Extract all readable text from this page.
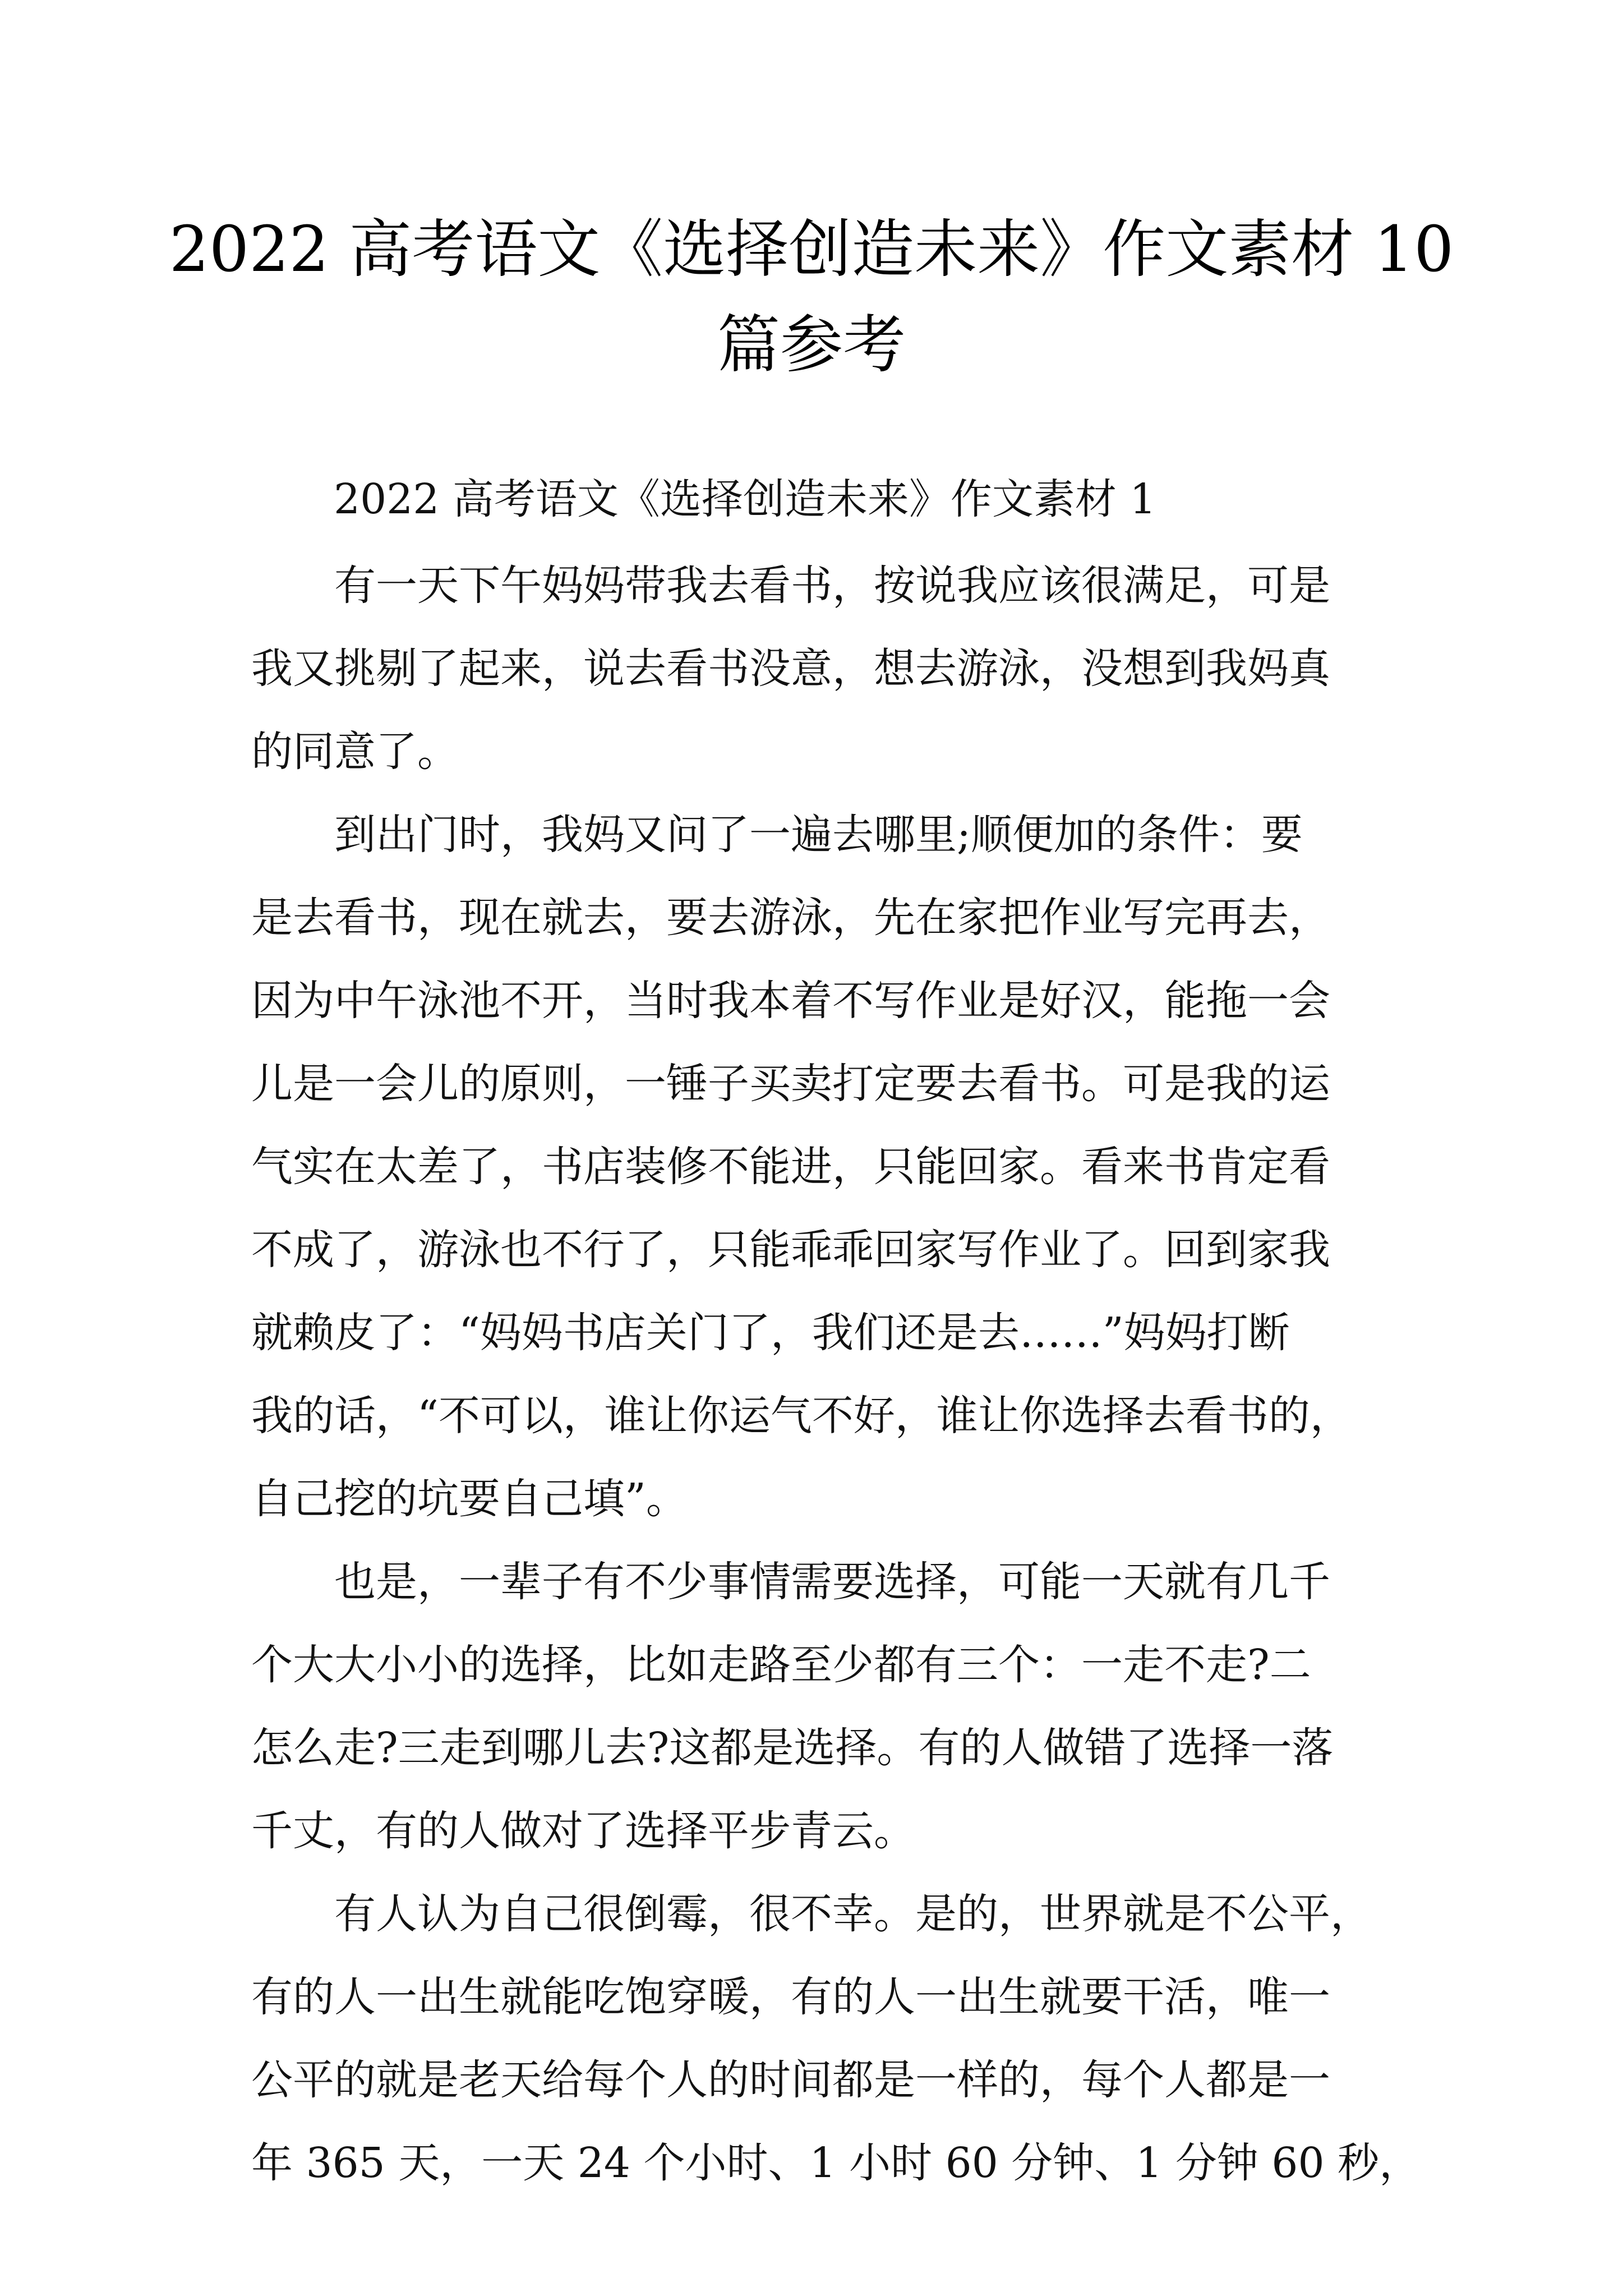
2022 高考语文《选择创造未来》作文素材 10
篇参考

2022 高考语文《选择创造未来》作文素材 1

有一天下午妈妈带我去看书，按说我应该很满足，可是
我又挑剔了起来，说去看书没意，想去游泳，没想到我妈真
的同意了。

到出门时，我妈又问了一遍去哪里;顺便加的条件：要
是去看书，现在就去，要去游泳，先在家把作业写完再去，
因为中午泳池不开，当时我本着不写作业是好汉，能拖一会
儿是一会儿的原则，一锤子买卖打定要去看书。可是我的运
气实在太差了，书店装修不能进，只能回家。看来书肯定看
不成了，游泳也不行了，只能乖乖回家写作业了。回到家我
就赖皮了：“妈妈书店关门了，我们还是去……”妈妈打断
我的话，“不可以，谁让你运气不好，谁让你选择去看书的，
自己挖的坑要自己填”。

也是，一辈子有不少事情需要选择，可能一天就有几千
个大大小小的选择，比如走路至少都有三个：一走不走?二
怎么走?三走到哪儿去?这都是选择。有的人做错了选择一落
千丈，有的人做对了选择平步青云。

有人认为自己很倒霉，很不幸。是的，世界就是不公平，
有的人一出生就能吃饱穿暖，有的人一出生就要干活，唯一
公平的就是老天给每个人的时间都是一样的，每个人都是一
年 365 天，一天 24 个小时、1 小时 60 分钟、1 分钟 60 秒，
